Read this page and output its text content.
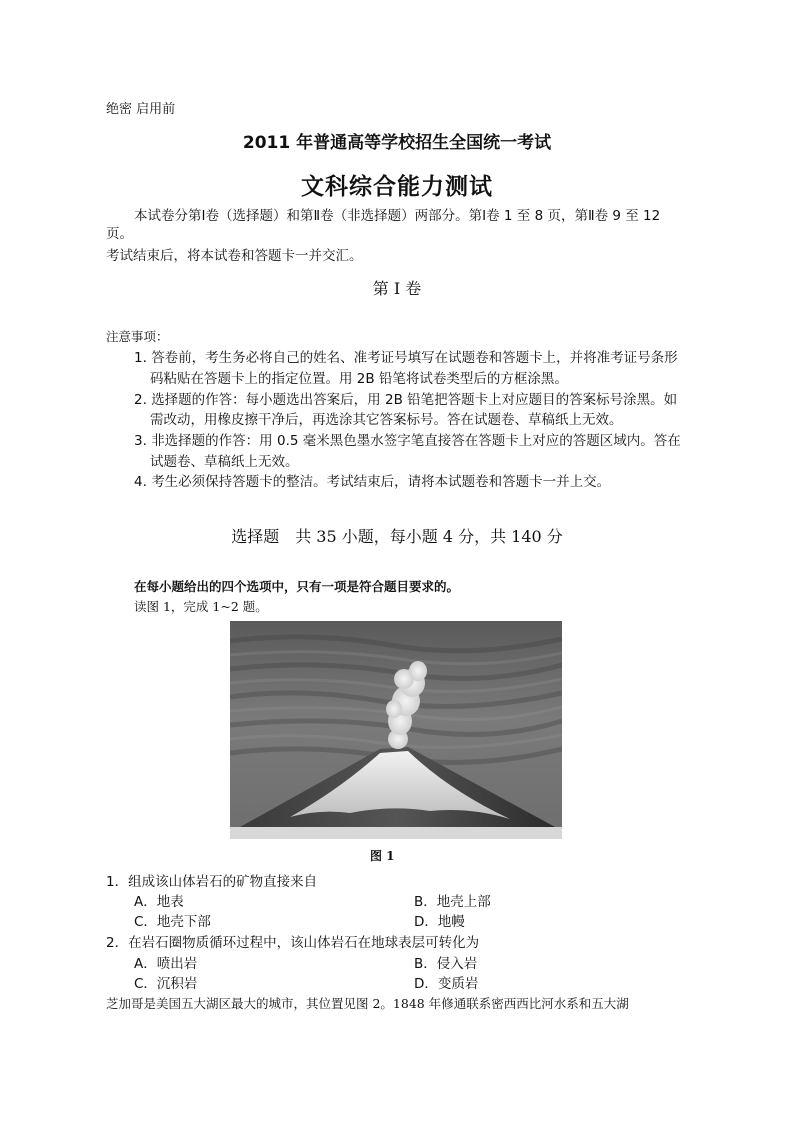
绝密 启用前
2011 年普通高等学校招生全国统一考试
文科综合能力测试
本试卷分第Ⅰ卷（选择题）和第Ⅱ卷（非选择题）两部分。第Ⅰ卷 1 至 8 页，第Ⅱ卷 9 至 12
页。
考试结束后，将本试卷和答题卡一并交汇。
第 I 卷
注意事项：
1. 答卷前，考生务必将自己的姓名、准考证号填写在试题卷和答题卡上，并将准考证号条形
码粘贴在答题卡上的指定位置。用 2B 铅笔将试卷类型后的方框涂黑。
2. 选择题的作答：每小题选出答案后，用 2B 铅笔把答题卡上对应题目的答案标号涂黑。如
需改动，用橡皮擦干净后，再选涂其它答案标号。答在试题卷、草稿纸上无效。
3. 非选择题的作答：用 0.5 毫米黑色墨水签字笔直接答在答题卡上对应的答题区域内。答在
试题卷、草稿纸上无效。
4. 考生必须保持答题卡的整洁。考试结束后，请将本试题卷和答题卡一并上交。
选择题　共 35 小题，每小题 4 分，共 140 分
在每小题给出的四个选项中，只有一项是符合题目要求的。
读图 1，完成 1~2 题。
图 1
1．组成该山体岩石的矿物直接来自
A．地表	B．地壳上部
C．地壳下部	D．地幔
2．在岩石圈物质循环过程中，该山体岩石在地球表层可转化为
A．喷出岩	B．侵入岩
C．沉积岩	D．变质岩
芝加哥是美国五大湖区最大的城市，其位置见图 2。1848 年修通联系密西西比河水系和五大湖
